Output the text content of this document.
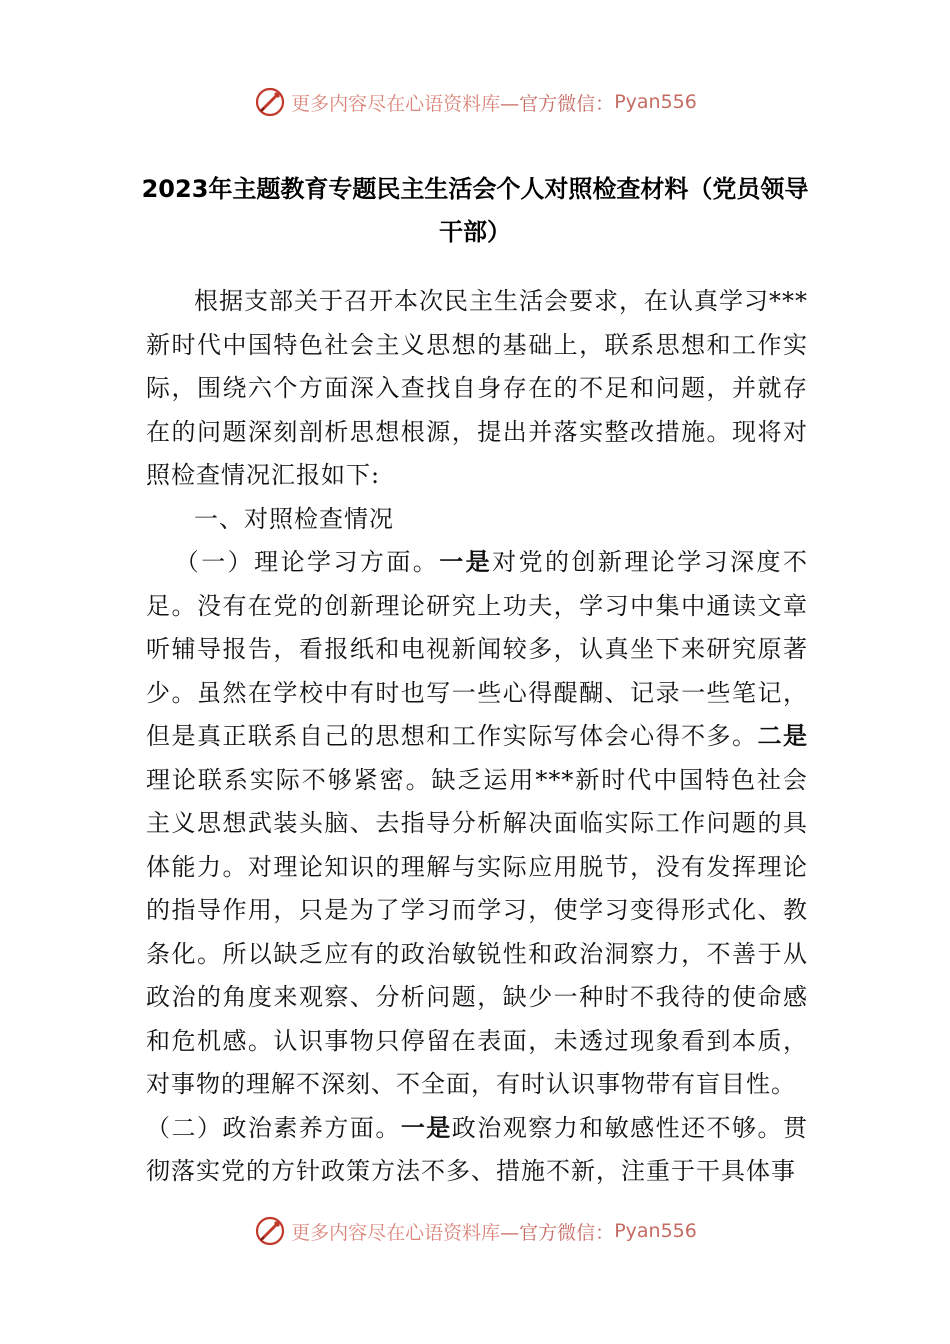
更多内容尽在心语资料库 —官方微信： Pyan556
2023年主题教育专题民主生活会个人对照检查材料（党员领导干部）

根据支部关于召开本次民主生活会要求，在认真学习***新时代中国特色社会主义思想的基础上，联系思想和工作实际，围绕六个方面深入查找自身存在的不足和问题，并就存在的问题深刻剖析思想根源，提出并落实整改措施。现将对照检查情况汇报如下:

一、对照检查情况

（一）理论学习方面。一是对党的创新理论学习深度不足。没有在党的创新理论研究上功夫，学习中集中通读文章听辅导报告，看报纸和电视新闻较多，认真坐下来研究原著少。虽然在学校中有时也写一些心得醍醐、记录一些笔记，但是真正联系自己的思想和工作实际写体会心得不多。二是理论联系实际不够紧密。缺乏运用***新时代中国特色社会主义思想武装头脑、去指导分析解决面临实际工作问题的具体能力。对理论知识的理解与实际应用脱节，没有发挥理论的指导作用，只是为了学习而学习，使学习变得形式化、教条化。所以缺乏应有的政治敏锐性和政治洞察力，不善于从政治的角度来观察、分析问题，缺少一种时不我待的使命感和危机感。认识事物只停留在表面，未透过现象看到本质，对事物的理解不深刻、不全面，有时认识事物带有盲目性。

（二）政治素养方面。一是政治观察力和敏感性还不够。贯彻落实党的方针政策方法不多、措施不新，注重于干具体事

更多内容尽在心语资料库 —官方微信： Pyan556
